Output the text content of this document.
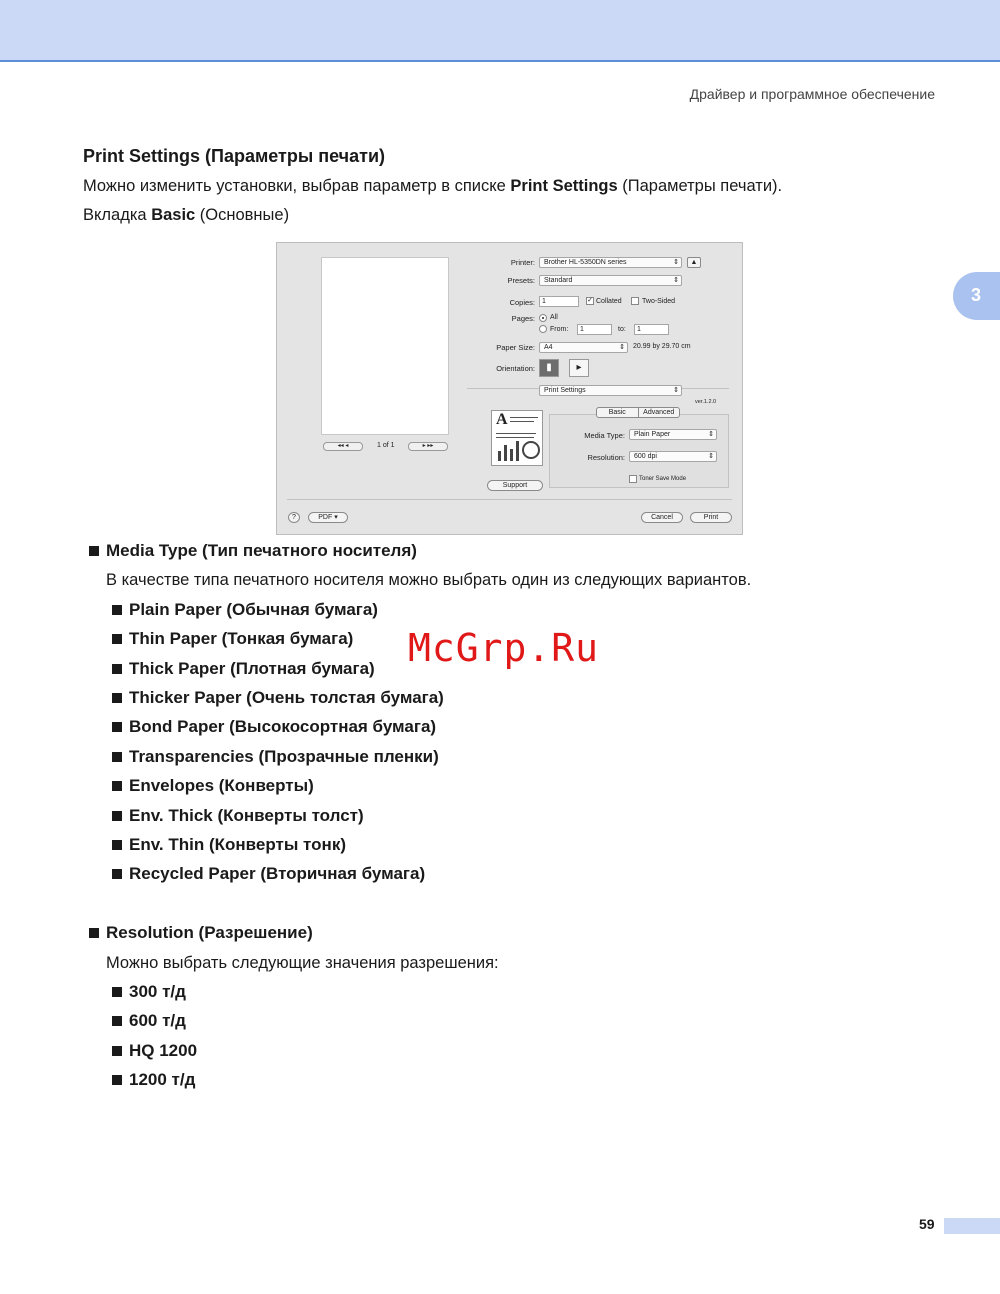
Драйвер и программное обеспечение
3
Print Settings (Параметры печати)
Можно изменить установки, выбрав параметр в списке Print Settings (Параметры печати).
Вкладка Basic (Основные)
◂◂ ◂	1 of 1	▸ ▸▸
Printer:	Brother HL-5350DN series ⇕	▲
Presets:	Standard ⇕
Copies:	1	✓ Collated	Two-Sided
Pages: All
From:	1	to:	1
Paper Size:	A4 ⇕	20.99 by 29.70 cm
Orientation:	▮	▸
Print Settings ⇕
ver.1.2.0
Basic	Advanced
Media Type:	Plain Paper ⇕
Resolution:	600 dpi ⇕
Toner Save Mode
A
Support
?	PDF ▾	Cancel	Print
Media Type (Тип печатного носителя)
В качестве типа печатного носителя можно выбрать один из следующих вариантов.
Plain Paper (Обычная бумага)
Thin Paper (Тонкая бумага)
Thick Paper (Плотная бумага)
Thicker Paper (Очень толстая бумага)
Bond Paper (Высокосортная бумага)
Transparencies (Прозрачные пленки)
Envelopes (Конверты)
Env. Thick (Конверты толст)
Env. Thin (Конверты тонк)
Recycled Paper (Вторичная бумага)
Resolution (Разрешение)
Можно выбрать следующие значения разрешения:
300 т/д
600 т/д
HQ 1200
1200 т/д
McGrp.Ru
59
